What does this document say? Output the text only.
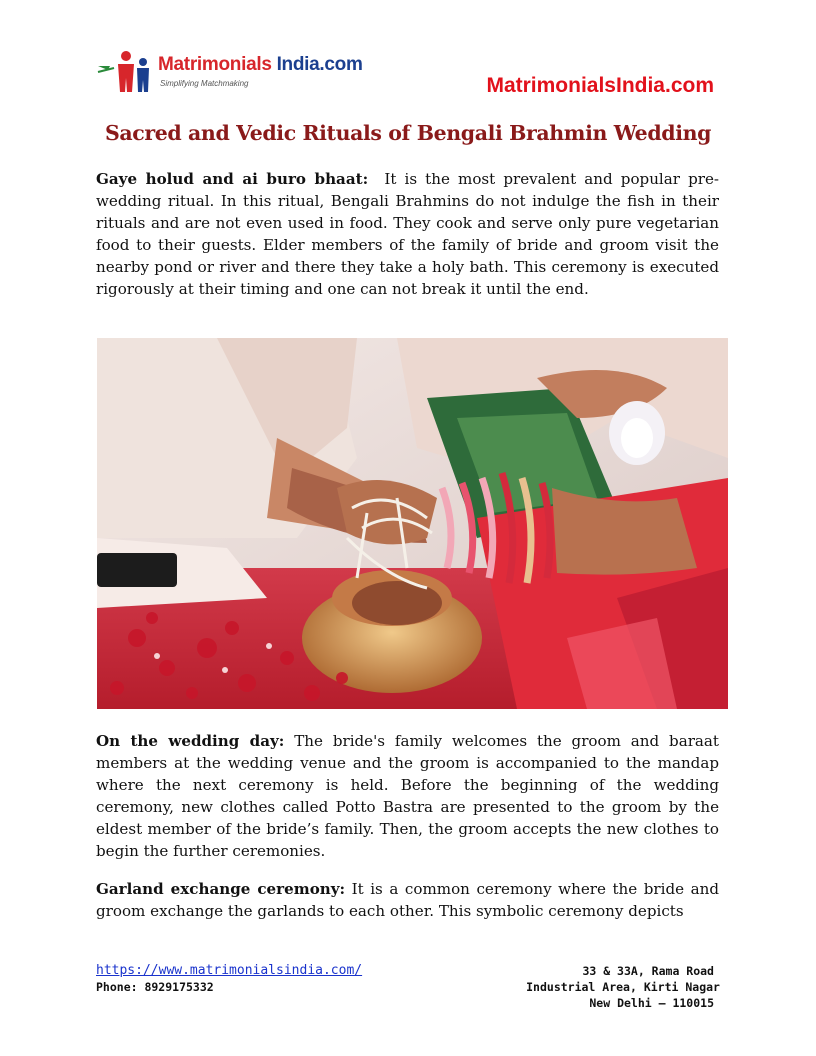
Matrimonials India.com
Simplifying Matchmaking	MatrimonialsIndia.com
Sacred and Vedic Rituals of Bengali Brahmin Wedding
Gaye holud and ai buro bhaat: It is the most prevalent and popular pre-wedding ritual. In this ritual, Bengali Brahmins do not indulge the fish in their rituals and are not even used in food. They cook and serve only pure vegetarian food to their guests. Elder members of the family of bride and groom visit the nearby pond or river and there they take a holy bath. This ceremony is executed rigorously at their timing and one can not break it until the end.
On the wedding day: The bride's family welcomes the groom and baraat members at the wedding venue and the groom is accompanied to the mandap where the next ceremony is held. Before the beginning of the wedding ceremony, new clothes called Potto Bastra are presented to the groom by the eldest member of the bride’s family. Then, the groom accepts the new clothes to begin the further ceremonies.
Garland exchange ceremony: It is a common ceremony where the bride and groom exchange the garlands to each other. This symbolic ceremony depicts
https://www.matrimonialsindia.com/
Phone: 8929175332
33 & 33A, Rama Road
Industrial Area, Kirti Nagar
New Delhi – 110015
